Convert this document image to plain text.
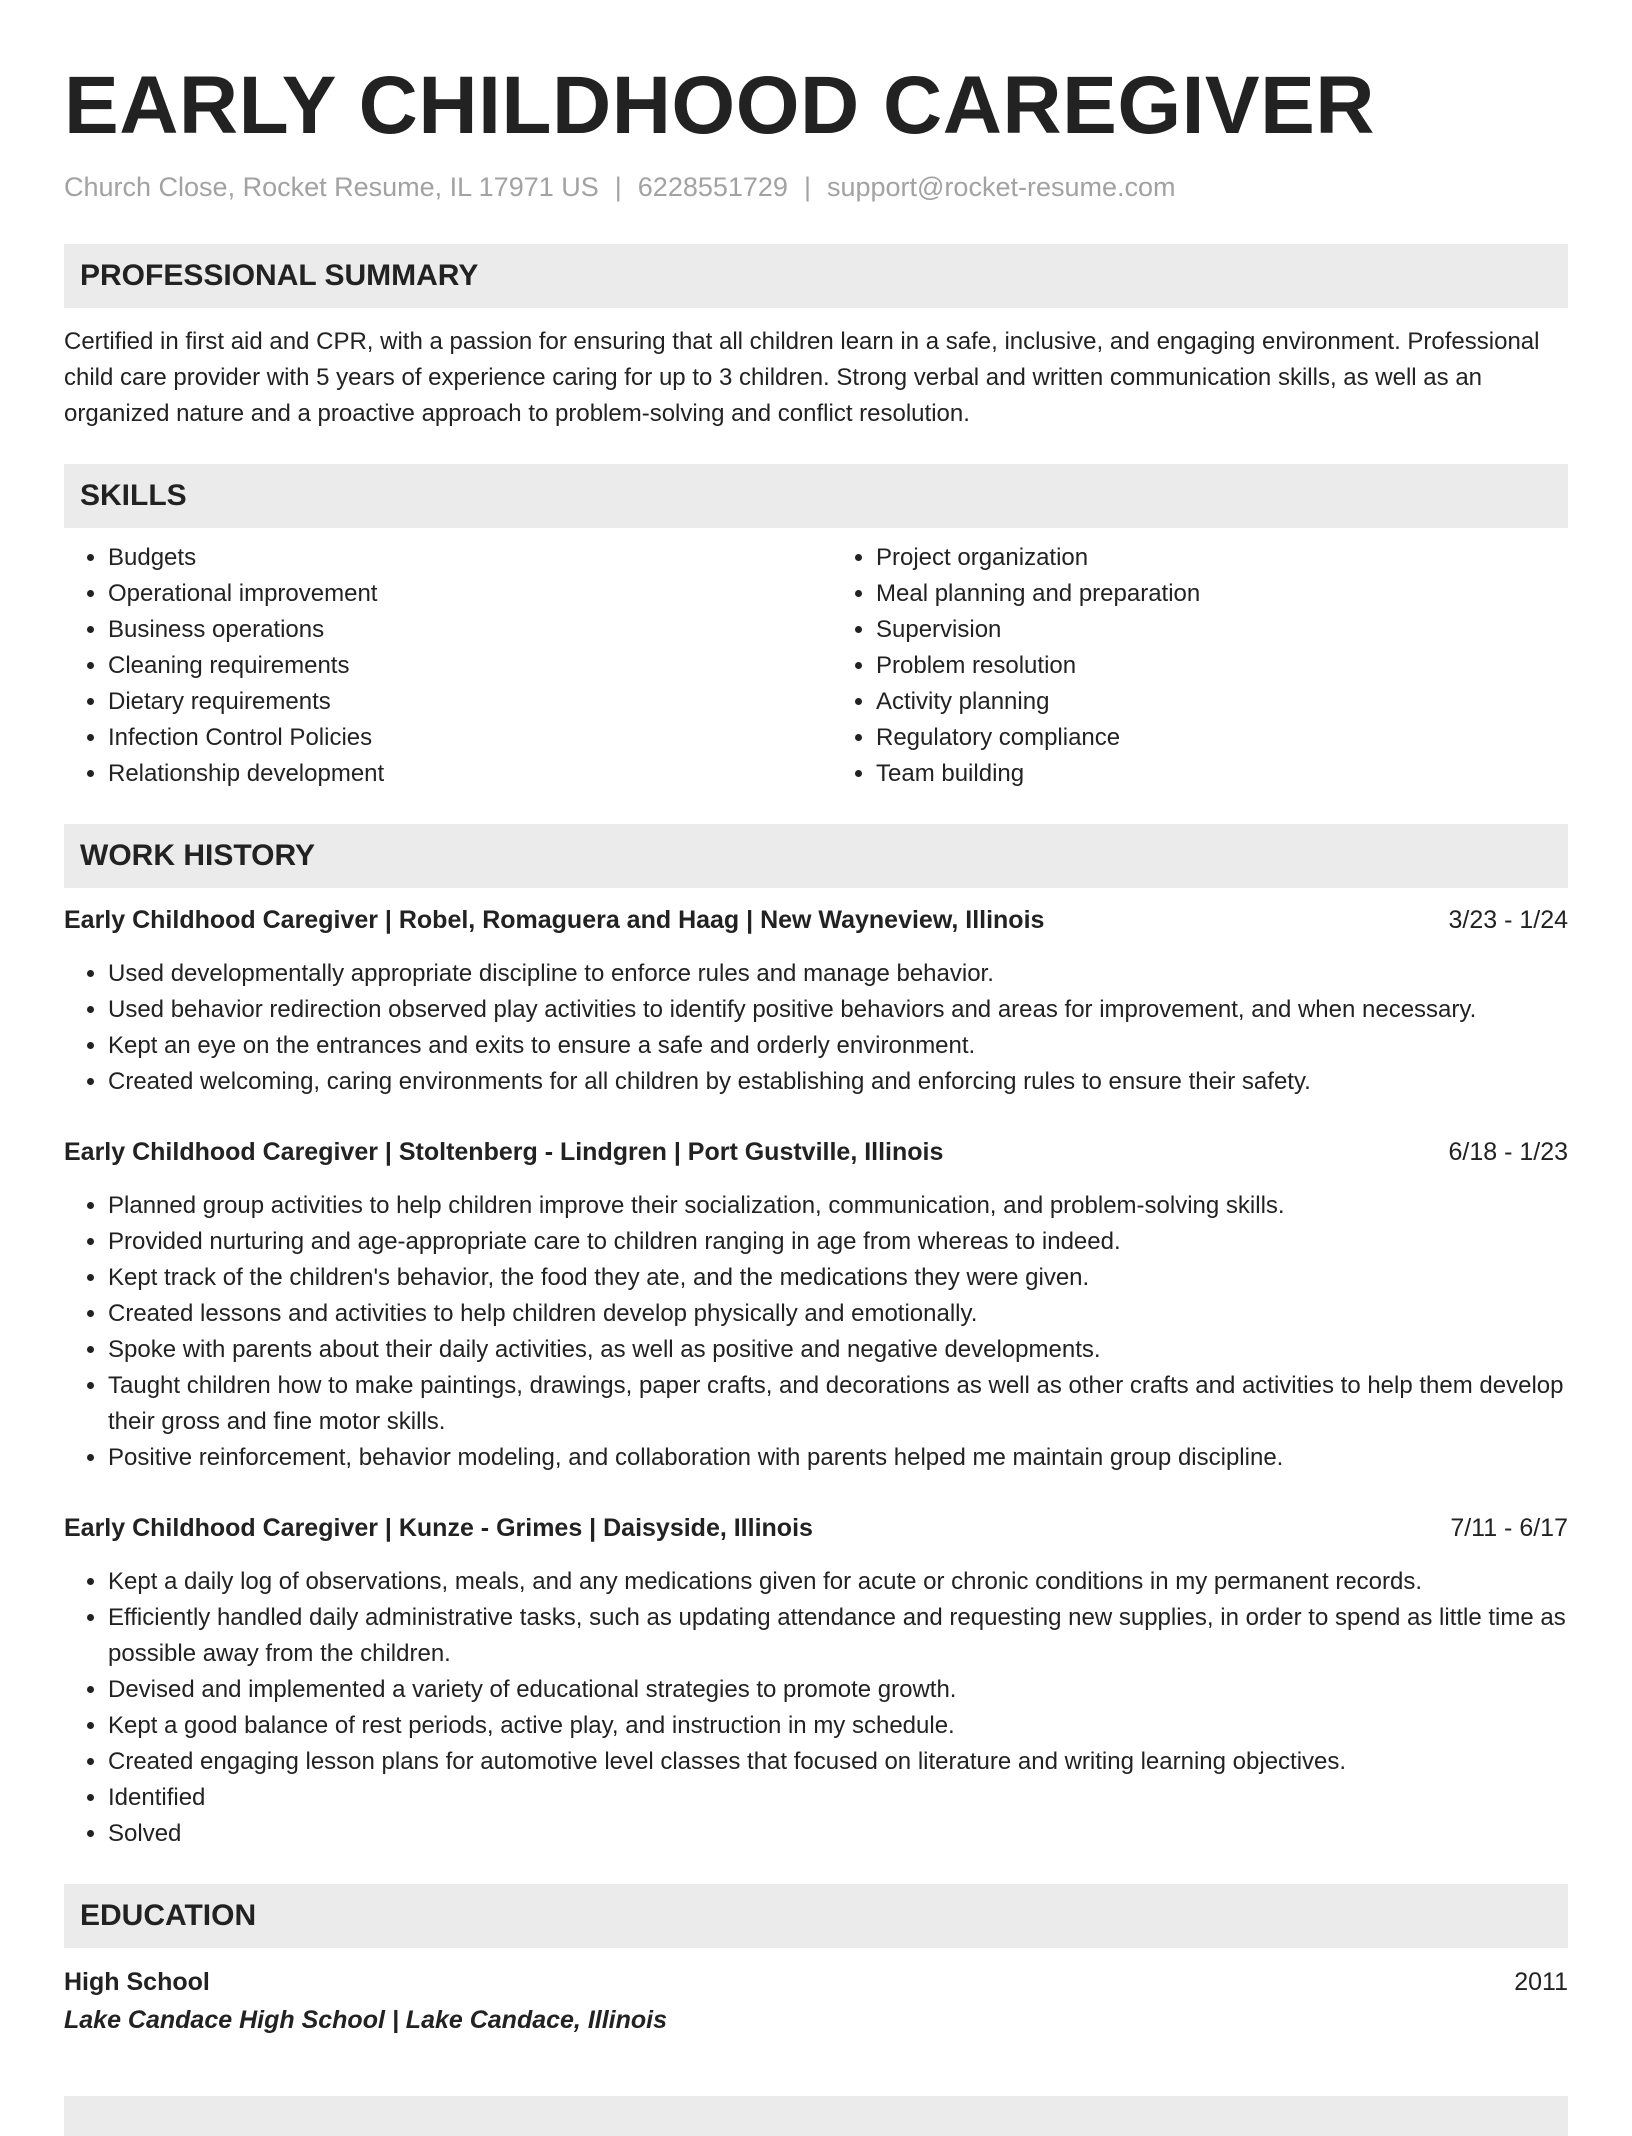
EARLY CHILDHOOD CAREGIVER
Church Close, Rocket Resume, IL 17971 US | 6228551729 | support@rocket-resume.com
PROFESSIONAL SUMMARY
Certified in first aid and CPR, with a passion for ensuring that all children learn in a safe, inclusive, and engaging environment. Professional child care provider with 5 years of experience caring for up to 3 children. Strong verbal and written communication skills, as well as an organized nature and a proactive approach to problem-solving and conflict resolution.
SKILLS
• Budgets
• Operational improvement
• Business operations
• Cleaning requirements
• Dietary requirements
• Infection Control Policies
• Relationship development
• Project organization
• Meal planning and preparation
• Supervision
• Problem resolution
• Activity planning
• Regulatory compliance
• Team building
WORK HISTORY
Early Childhood Caregiver | Robel, Romaguera and Haag | New Wayneview, Illinois	3/23 - 1/24
• Used developmentally appropriate discipline to enforce rules and manage behavior.
• Used behavior redirection observed play activities to identify positive behaviors and areas for improvement, and when necessary.
• Kept an eye on the entrances and exits to ensure a safe and orderly environment.
• Created welcoming, caring environments for all children by establishing and enforcing rules to ensure their safety.
Early Childhood Caregiver | Stoltenberg - Lindgren | Port Gustville, Illinois	6/18 - 1/23
• Planned group activities to help children improve their socialization, communication, and problem-solving skills.
• Provided nurturing and age-appropriate care to children ranging in age from whereas to indeed.
• Kept track of the children's behavior, the food they ate, and the medications they were given.
• Created lessons and activities to help children develop physically and emotionally.
• Spoke with parents about their daily activities, as well as positive and negative developments.
• Taught children how to make paintings, drawings, paper crafts, and decorations as well as other crafts and activities to help them develop their gross and fine motor skills.
• Positive reinforcement, behavior modeling, and collaboration with parents helped me maintain group discipline.
Early Childhood Caregiver | Kunze - Grimes | Daisyside, Illinois	7/11 - 6/17
• Kept a daily log of observations, meals, and any medications given for acute or chronic conditions in my permanent records.
• Efficiently handled daily administrative tasks, such as updating attendance and requesting new supplies, in order to spend as little time as possible away from the children.
• Devised and implemented a variety of educational strategies to promote growth.
• Kept a good balance of rest periods, active play, and instruction in my schedule.
• Created engaging lesson plans for automotive level classes that focused on literature and writing learning objectives.
• Identified
• Solved
EDUCATION
High School	2011
Lake Candace High School | Lake Candace, Illinois
